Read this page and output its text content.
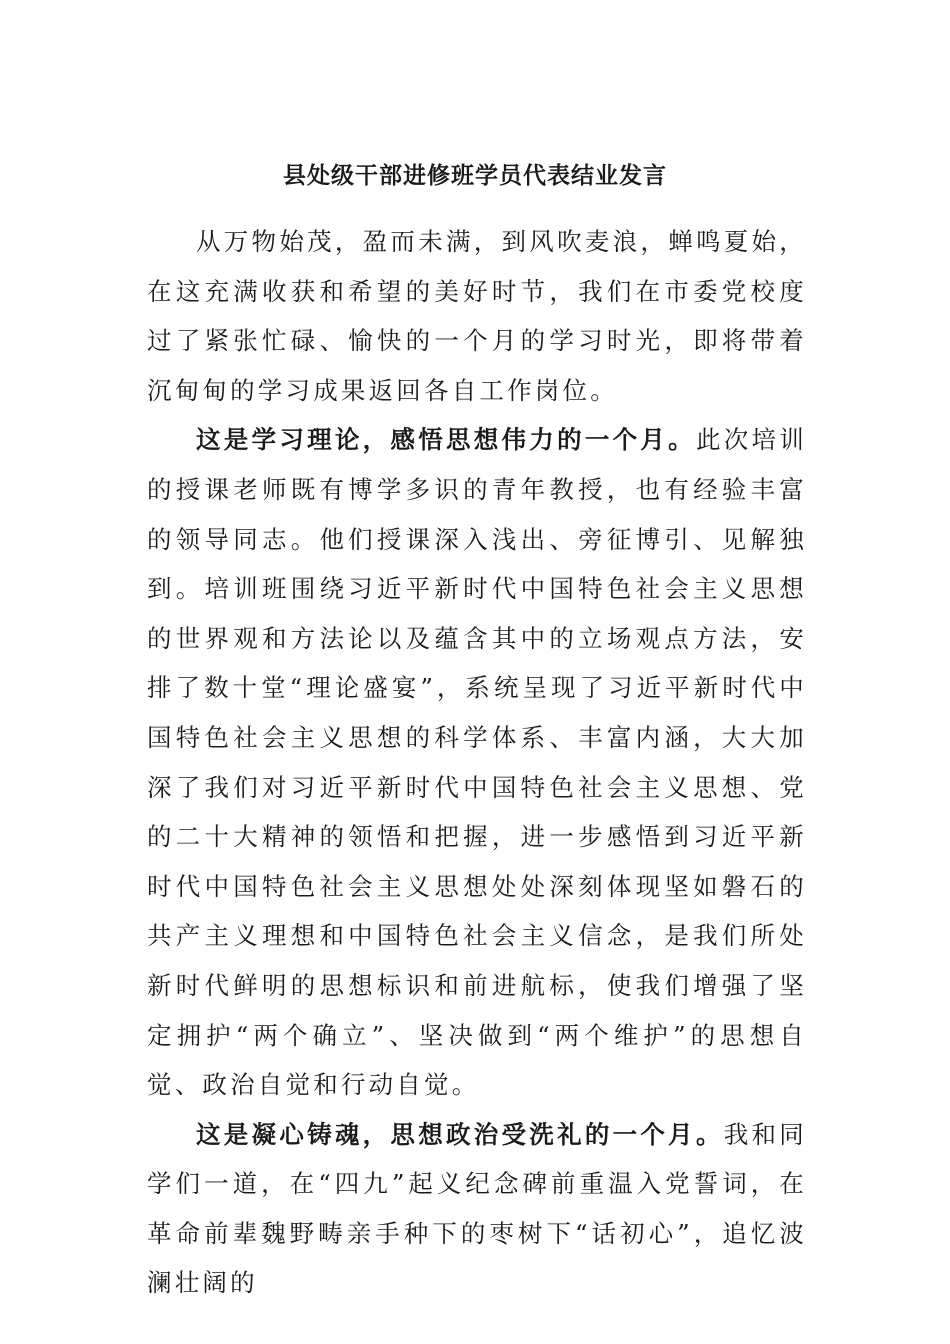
县处级干部进修班学员代表结业发言

从万物始茂，盈而未满，到风吹麦浪，蝉鸣夏始，在这充满收获和希望的美好时节，我们在市委党校度过了紧张忙碌、愉快的一个月的学习时光，即将带着沉甸甸的学习成果返回各自工作岗位。

这是学习理论，感悟思想伟力的一个月。此次培训的授课老师既有博学多识的青年教授，也有经验丰富的领导同志。他们授课深入浅出、旁征博引、见解独到。培训班围绕习近平新时代中国特色社会主义思想的世界观和方法论以及蕴含其中的立场观点方法，安排了数十堂“理论盛宴”，系统呈现了习近平新时代中国特色社会主义思想的科学体系、丰富内涵，大大加深了我们对习近平新时代中国特色社会主义思想、党的二十大精神的领悟和把握，进一步感悟到习近平新时代中国特色社会主义思想处处深刻体现坚如磐石的共产主义理想和中国特色社会主义信念，是我们所处新时代鲜明的思想标识和前进航标，使我们增强了坚定拥护“两个确立”、坚决做到“两个维护”的思想自觉、政治自觉和行动自觉。

这是凝心铸魂，思想政治受洗礼的一个月。我和同学们一道，在“四九”起义纪念碑前重温入党誓词，在革命前辈魏野畴亲手种下的枣树下“话初心”，追忆波澜壮阔的
